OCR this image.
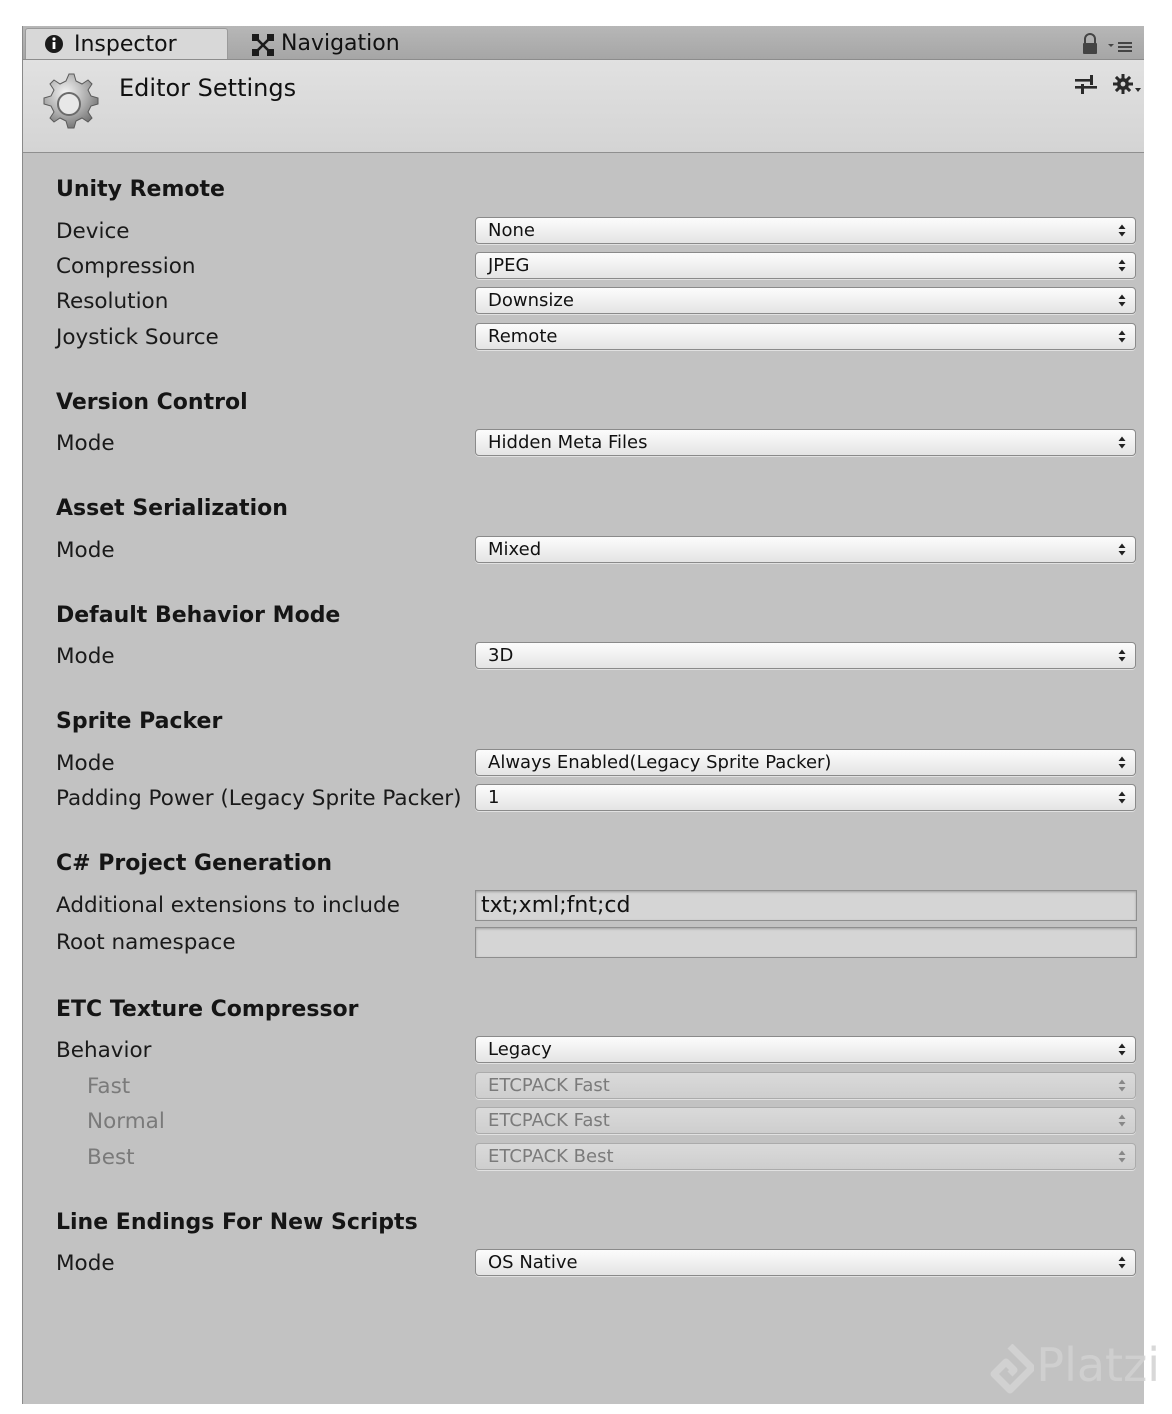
Inspector	Navigation
Editor Settings
Unity Remote
Device	None
Compression	JPEG
Resolution	Downsize
Joystick Source	Remote
Version Control
Mode	Hidden Meta Files
Asset Serialization
Mode	Mixed
Default Behavior Mode
Mode	3D
Sprite Packer
Mode	Always Enabled(Legacy Sprite Packer)
Padding Power (Legacy Sprite Packer) 1
C# Project Generation
Additional extensions to include	txt;xml;fnt;cd
Root namespace
ETC Texture Compressor
Behavior	Legacy
Fast	ETCPACK Fast
Normal	ETCPACK Fast
Best	ETCPACK Best
Line Endings For New Scripts
Mode	OS Native
Platzi
